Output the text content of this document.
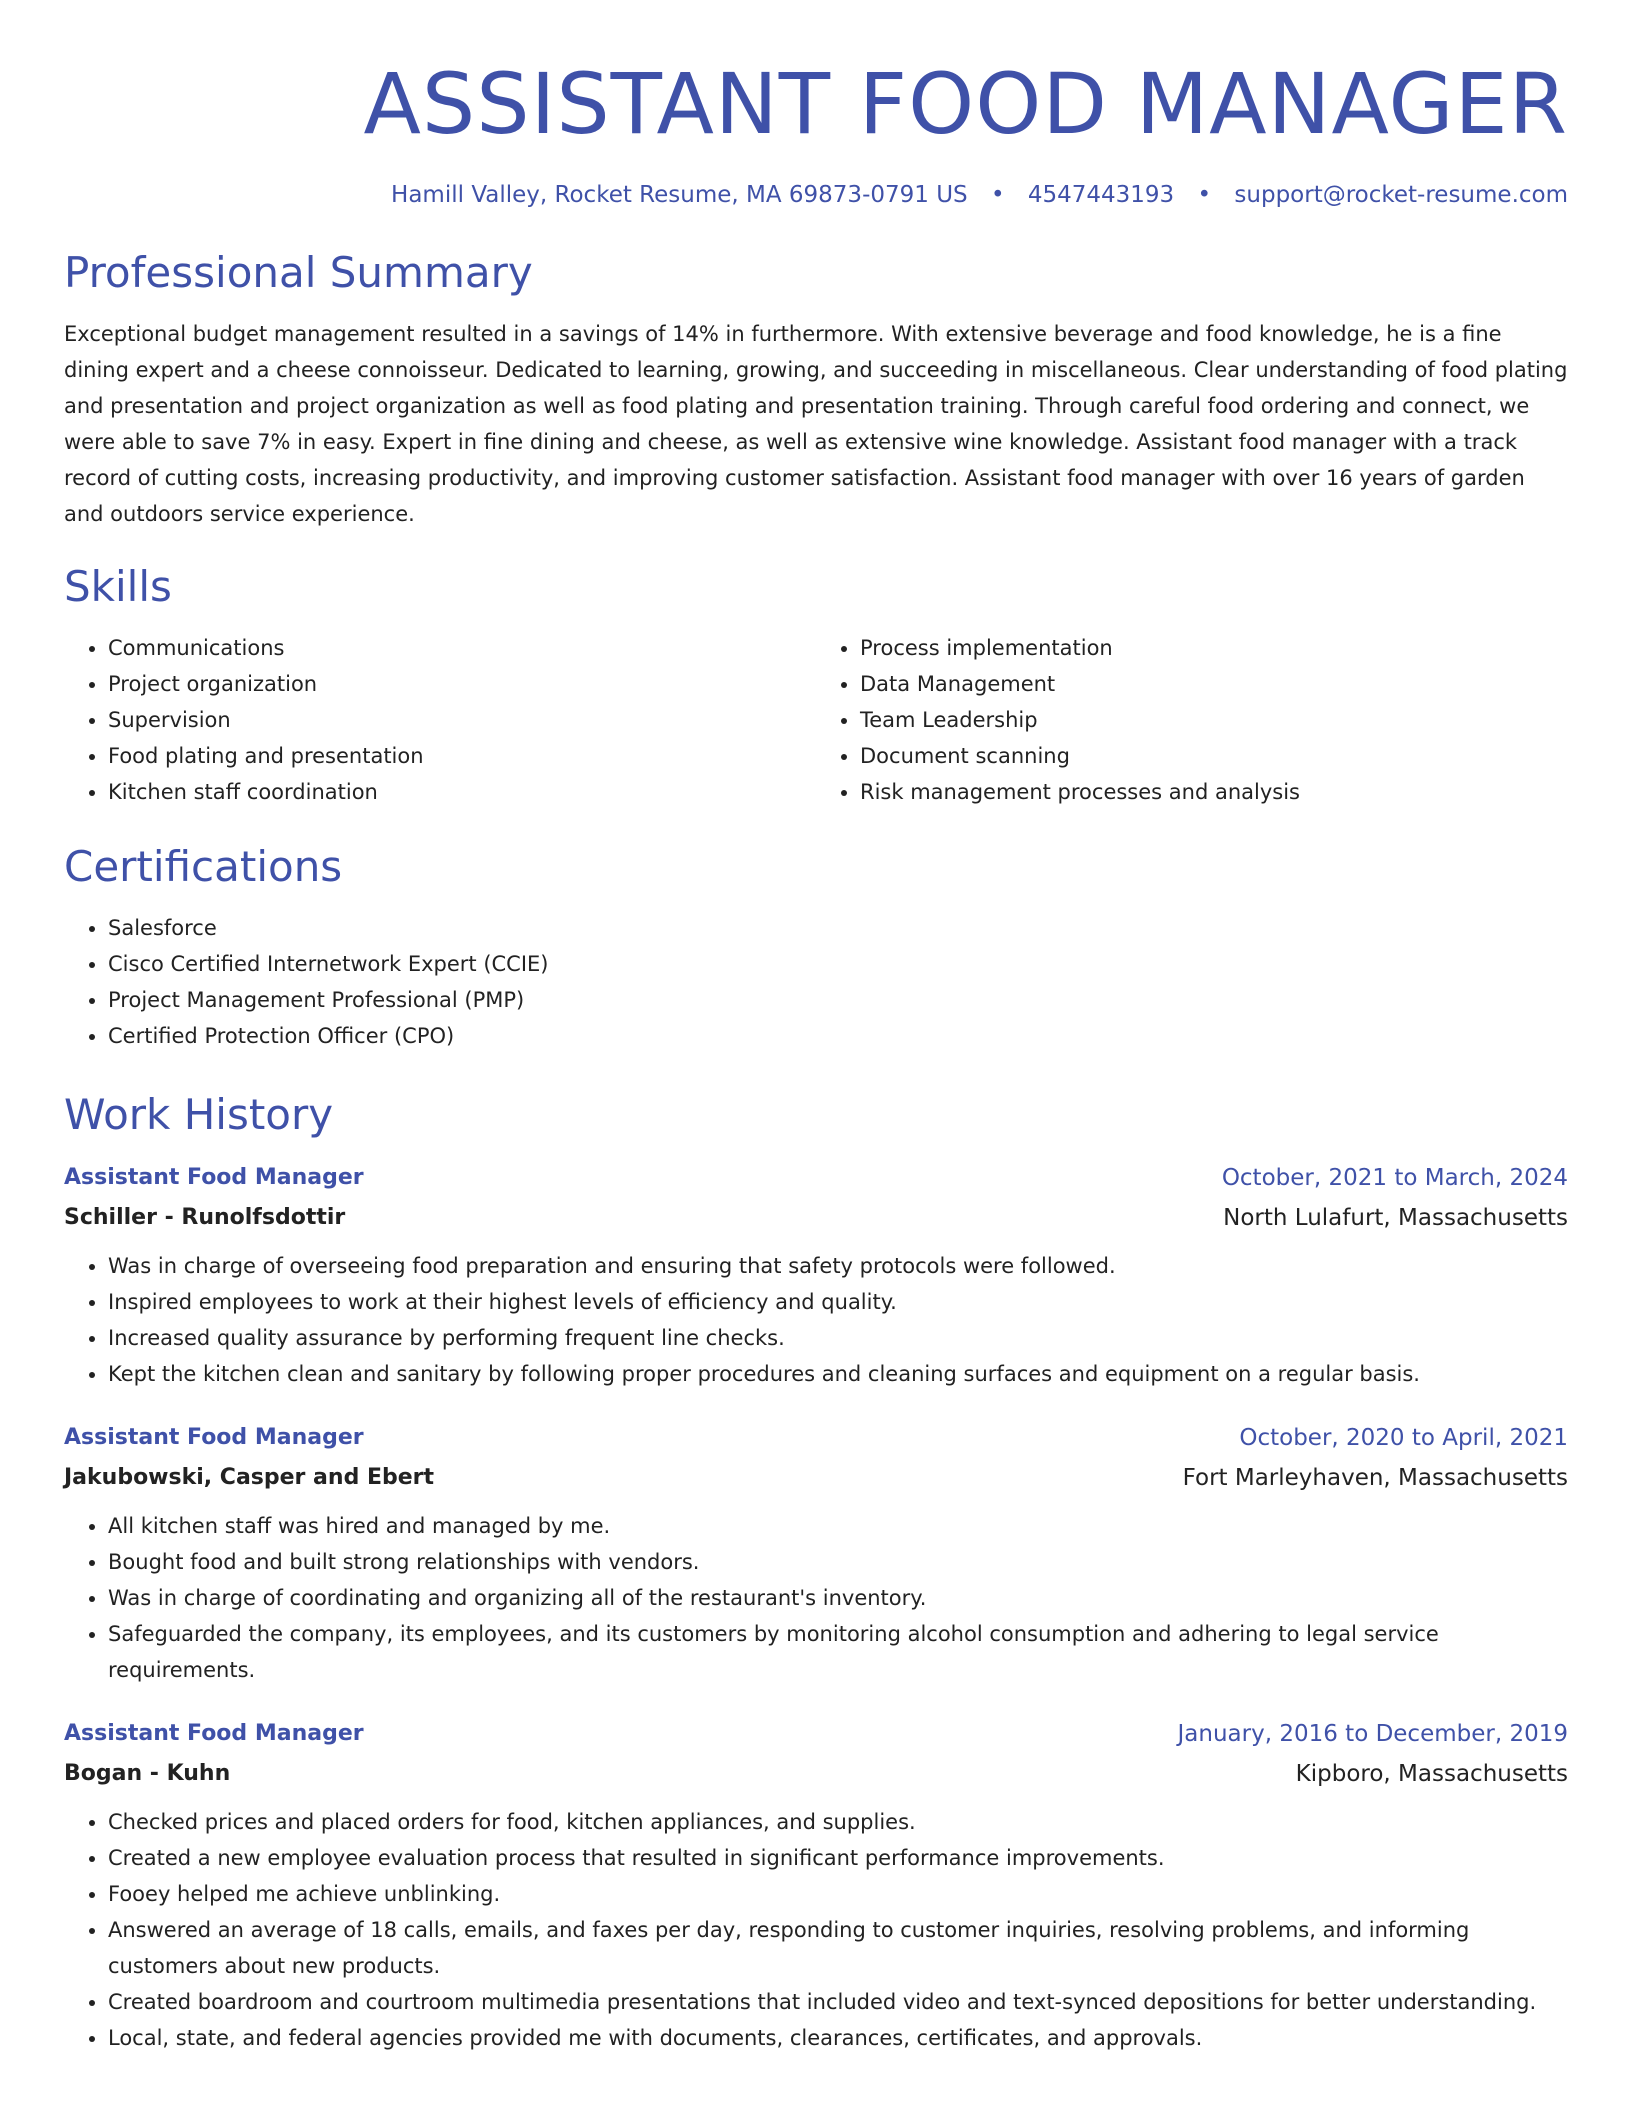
ASSISTANT FOOD MANAGER
Hamill Valley, Rocket Resume, MA 69873-0791 US • 4547443193 • support@rocket-resume.com
Professional Summary
Exceptional budget management resulted in a savings of 14% in furthermore. With extensive beverage and food knowledge, he is a fine dining expert and a cheese connoisseur. Dedicated to learning, growing, and succeeding in miscellaneous. Clear understanding of food plating and presentation and project organization as well as food plating and presentation training. Through careful food ordering and connect, we were able to save 7% in easy. Expert in fine dining and cheese, as well as extensive wine knowledge. Assistant food manager with a track record of cutting costs, increasing productivity, and improving customer satisfaction. Assistant food manager with over 16 years of garden and outdoors service experience.
Skills
• Communications
• Project organization
• Supervision
• Food plating and presentation
• Kitchen staff coordination
• Process implementation
• Data Management
• Team Leadership
• Document scanning
• Risk management processes and analysis
Certifications
• Salesforce
• Cisco Certified Internetwork Expert (CCIE)
• Project Management Professional (PMP)
• Certified Protection Officer (CPO)
Work History
Assistant Food Manager	October, 2021 to March, 2024
Schiller - Runolfsdottir	North Lulafurt, Massachusetts
• Was in charge of overseeing food preparation and ensuring that safety protocols were followed.
• Inspired employees to work at their highest levels of efficiency and quality.
• Increased quality assurance by performing frequent line checks.
• Kept the kitchen clean and sanitary by following proper procedures and cleaning surfaces and equipment on a regular basis.
Assistant Food Manager	October, 2020 to April, 2021
Jakubowski, Casper and Ebert	Fort Marleyhaven, Massachusetts
• All kitchen staff was hired and managed by me.
• Bought food and built strong relationships with vendors.
• Was in charge of coordinating and organizing all of the restaurant's inventory.
• Safeguarded the company, its employees, and its customers by monitoring alcohol consumption and adhering to legal service requirements.
Assistant Food Manager	January, 2016 to December, 2019
Bogan - Kuhn	Kipboro, Massachusetts
• Checked prices and placed orders for food, kitchen appliances, and supplies.
• Created a new employee evaluation process that resulted in significant performance improvements.
• Fooey helped me achieve unblinking.
• Answered an average of 18 calls, emails, and faxes per day, responding to customer inquiries, resolving problems, and informing customers about new products.
• Created boardroom and courtroom multimedia presentations that included video and text-synced depositions for better understanding.
• Local, state, and federal agencies provided me with documents, clearances, certificates, and approvals.
